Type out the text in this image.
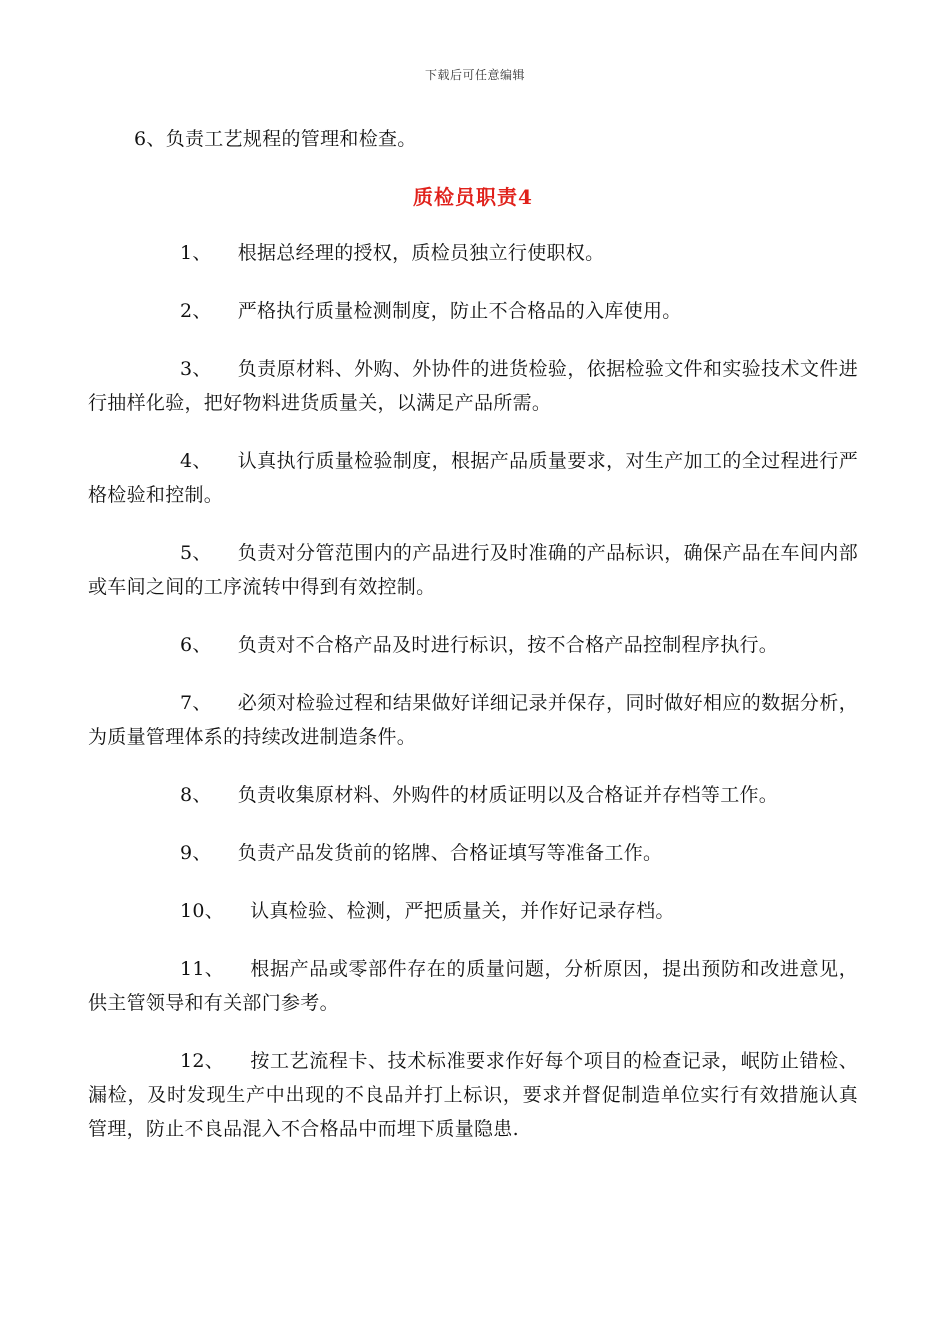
下载后可任意编辑

6、负责工艺规程的管理和检查。

质检员职责4

1、 根据总经理的授权，质检员独立行使职权。

2、 严格执行质量检测制度，防止不合格品的入库使用。

3、 负责原材料、外购、外协件的进货检验，依据检验文件和实验技术文件进行抽样化验，把好物料进货质量关，以满足产品所需。

4、 认真执行质量检验制度，根据产品质量要求，对生产加工的全过程进行严格检验和控制。

5、 负责对分管范围内的产品进行及时准确的产品标识，确保产品在车间内部或车间之间的工序流转中得到有效控制。

6、 负责对不合格产品及时进行标识，按不合格产品控制程序执行。

7、 必须对检验过程和结果做好详细记录并保存，同时做好相应的数据分析，为质量管理体系的持续改进制造条件。

8、 负责收集原材料、外购件的材质证明以及合格证并存档等工作。

9、 负责产品发货前的铭牌、合格证填写等准备工作。

10、 认真检验、检测，严把质量关，并作好记录存档。

11、 根据产品或零部件存在的质量问题，分析原因，提出预防和改进意见，供主管领导和有关部门参考。

12、 按工艺流程卡、技术标准要求作好每个项目的检查记录，岷防止错检、漏检，及时发现生产中出现的不良品并打上标识，要求并督促制造单位实行有效措施认真管理，防止不良品混入不合格品中而埋下质量隐患.
